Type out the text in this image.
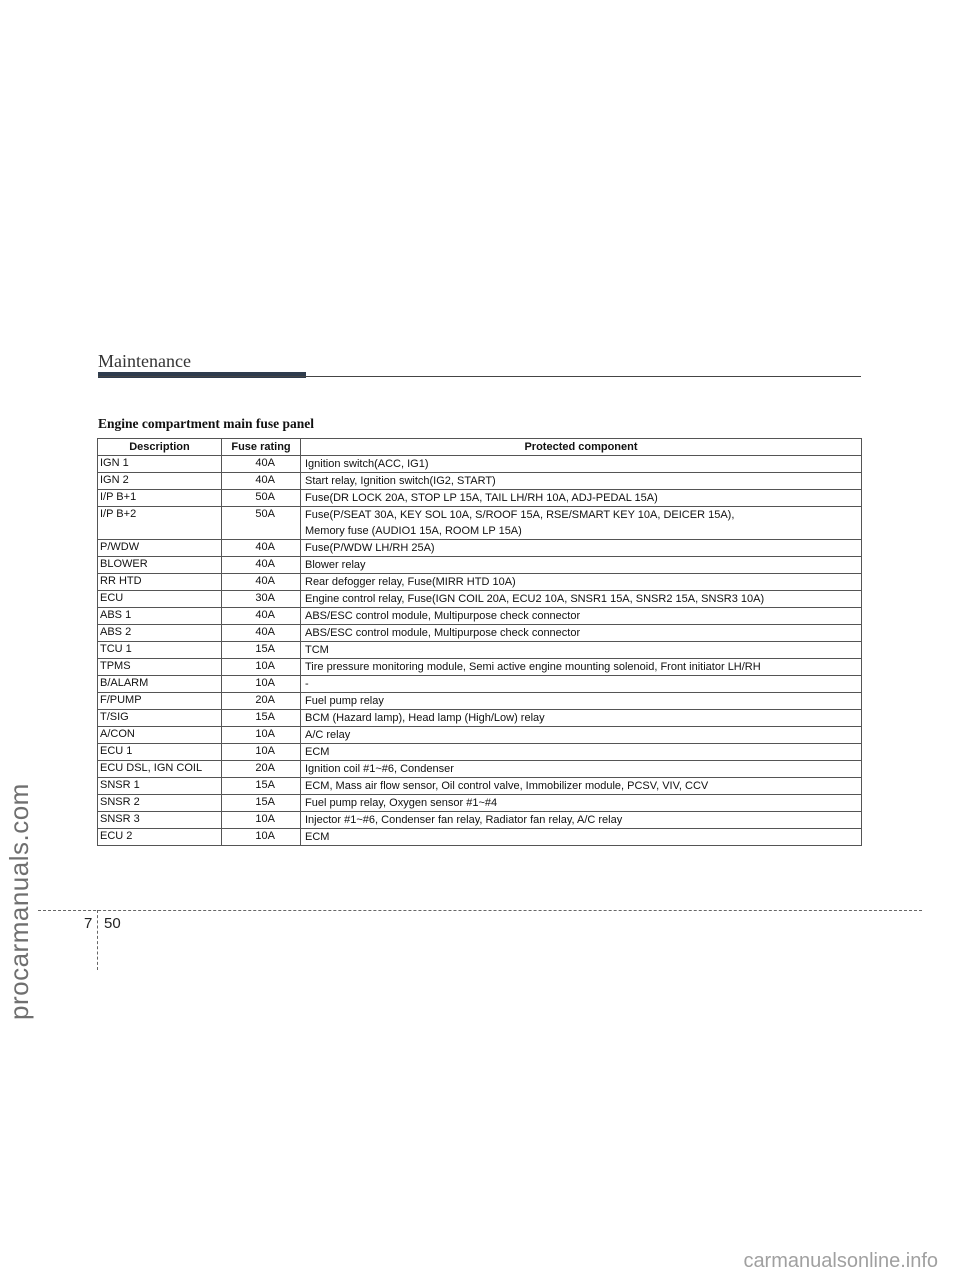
Maintenance
Engine compartment main fuse panel
Description	Fuse rating	Protected component
IGN 1	40A	Ignition switch(ACC, IG1)

IGN 2	40A	Start relay, Ignition switch(IG2, START)

I/P B+1	50A	Fuse(DR LOCK 20A, STOP LP 15A, TAIL LH/RH 10A, ADJ-PEDAL 15A)

I/P B+2	50A	Fuse(P/SEAT 30A, KEY SOL 10A, S/ROOF 15A, RSE/SMART KEY 10A, DEICER 15A),
Memory fuse (AUDIO1 15A, ROOM LP 15A)

P/WDW	40A	Fuse(P/WDW LH/RH 25A)

BLOWER	40A	Blower relay

RR HTD	40A	Rear defogger relay, Fuse(MIRR HTD 10A)

ECU	30A	Engine control relay, Fuse(IGN COIL 20A, ECU2 10A, SNSR1 15A, SNSR2 15A, SNSR3 10A)

ABS 1	40A	ABS/ESC control module, Multipurpose check connector

ABS 2	40A	ABS/ESC control module, Multipurpose check connector

TCU 1	15A	TCM

TPMS	10A	Tire pressure monitoring module, Semi active engine mounting solenoid, Front initiator LH/RH

B/ALARM	10A	-

F/PUMP	20A	Fuel pump relay

T/SIG	15A	BCM (Hazard lamp), Head lamp (High/Low) relay

A/CON	10A	A/C relay

ECU 1	10A	ECM

ECU DSL, IGN COIL	20A	Ignition coil #1~#6, Condenser

SNSR 1	15A	ECM, Mass air flow sensor, Oil control valve, Immobilizer module, PCSV, VIV, CCV

SNSR 2	15A	Fuel pump relay, Oxygen sensor #1~#4

SNSR 3	10A	Injector #1~#6, Condenser fan relay, Radiator fan relay, A/C relay

ECU 2	10A	ECM
7 50
procarmanuals.com
carmanualsonline.info
